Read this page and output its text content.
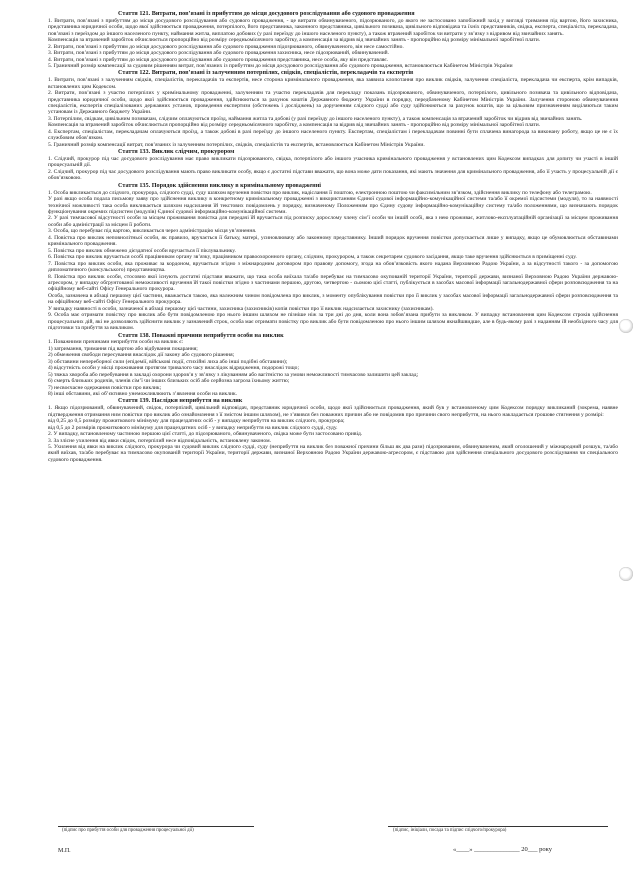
Стаття 121. Витрати, пов’язані із прибуттям до місця досудового розслідування або судового провадження
1. Витрати, пов’язані з прибуттям до місця досудового розслідування або судового провадження, - це витрати обвинуваченого, підозрюваного, до якого не застосовано запобіжний захід у вигляді тримання під вартою, його захисника, представника юридичної особи, щодо якої здійснюється провадження, потерпілого, його представника, законного представника, цивільного позивача, цивільного відповідача та їхніх представників, свідка, експерта, спеціаліста, перекладача, пов’язані з переїздом до іншого населеного пункту, наймання житла, виплатою добових (у разі переїзду до іншого населеного пункту), а також втрачений заробіток чи витрати у зв’язку з відривом від звичайних занять.
Компенсація за втрачений заробіток обчислюється пропорційно від розміру середньомісячного заробітку, а компенсація за відрив від звичайних занять - пропорційно від розміру мінімальної заробітної плати.
2. Витрати, пов’язані з прибуттям до місця досудового розслідування або судового провадження підозрюваного, обвинуваченого, він несе самостійно.
3. Витрати, пов’язані з прибуттям до місця досудового розслідування або судового провадження захисника, несе підозрюваний, обвинувачений.
4. Витрати, пов’язані з прибуттям до місця досудового розслідування або судового провадження представника, несе особа, яку він представляє.
5. Граничний розмір компенсації за судовим рішенням витрат, пов’язаних із прибуттям до місця досудового розслідування або судового провадження, встановлюється Кабінетом Міністрів України
Стаття 122. Витрати, пов’язані із залученням потерпілих, свідків, спеціалістів, перекладачів та експертів
1. Витрати, пов’язані з залученням свідків, спеціалістів, перекладачів та експертів, несе сторона кримінального провадження, яка заявила клопотання про виклик свідків, залучення спеціаліста, перекладача чи експерта, крім випадків, встановлених цим Кодексом.
2. Витрати, пов’язані з участю потерпілих у кримінальному провадженні, залученням та участю перекладачів для перекладу показань підозрюваного, обвинуваченого, потерпілого, цивільного позивача та цивільного відповідача, представника юридичної особи, щодо якої здійснюється провадження, здійснюються за рахунок коштів Державного бюджету України в порядку, передбаченому Кабінетом Міністрів України. Залучення стороною обвинувачення спеціалістів, експертів спеціалізованих державних установ, проведення експертизи (обстежень і досліджень) за дорученням слідчого судді або суду здійснюються за рахунок коштів, що за цільовим призначенням виділяються таким установам із Державного бюджету України.
3. Потерпілим, свідкам, цивільним позивачам, слідчим оплачуються проїзд, наймання житла та добові (у разі переїзду до іншого населеного пункту), а також компенсація за втрачений заробіток чи відрив від звичайних занять.
Компенсація за втрачений заробіток обчислюється пропорційно від розміру середньомісячного заробітку, а компенсація за відрив від звичайних занять - пропорційно від розміру мінімальної заробітної плати.
4. Експертам, спеціалістам, перекладачам оплачуються проїзд, а також добові в разі переїзду до іншого населеного пункту. Експертам, спеціалістам і перекладачам повинні бути сплачена винагорода за виконану роботу, якщо це не є їх службовим обов’язком.
5. Граничний розмір компенсації витрат, пов’язаних із залученням потерпілих, свідків, спеціалістів та експертів, встановлюється Кабінетом Міністрів України.
Стаття 133. Виклик слідчим, прокурором
1. Слідчий, прокурор під час досудового розслідування має право викликати підозрюваного, свідка, потерпілого або іншого учасника кримінального провадження у встановлених цим Кодексом випадках для допиту чи участі в іншій процесуальній дії.
2. Слідчий, прокурор під час досудового розслідування мають право викликати особу, якщо є достатні підстави вважати, що вона може дати показання, які мають значення для кримінального провадження, або її участь у процесуальній дії є обов’язковою.
Стаття 135. Порядок здійснення виклику в кримінальному провадженні
1. Особа викликається до слідчого, прокурора, слідчого судді, суду шляхом вручення повістки про виклик, надіслання її поштою, електронною поштою чи факсимільним зв’язком, здійснення виклику по телефону або телеграмою.
У разі якщо особа подала письмову заяву про здійснення виклику в конкретному кримінальному провадженні з використанням Єдиної судової інформаційно-комунікаційної системи та/або її окремої підсистеми (модуля), то за наявності технічної можливості така особа викликається шляхом надсилання їй текстових повідомлень у порядку, визначеному Положенням про Єдину судову інформаційно-комунікаційну систему та/або положеннями, що визначають порядок функціонування окремих підсистем (модулів) Єдиної судової інформаційно-комунікаційної системи.
2. У разі тимчасової відсутності особи за місцем проживання повістка для передачі їй вручається під розписку дорослому члену сім’ї особи чи іншій особі, яка з нею проживає, житлово-експлуатаційній організації за місцем проживання особи або адміністрації за місцем її роботи.
3. Особа, що перебуває під вартою, викликається через адміністрацію місця ув’язнення.
4. Повістка про виклик неповнолітньої особи, як правило, вручається її батьку, матері, усиновлювачу або законному представнику. Інший порядок вручення повістки допускається лише у випадку, якщо це обумовлюється обставинами кримінального провадження.
5. Повістка про виклик обмежено дієздатної особи вручається її піклувальнику.
6. Повістка про виклик вручається особі працівником органу зв’язку, працівником правоохоронного органу, слідчим, прокурором, а також секретарем судового засідання, якщо таке вручення здійснюється в приміщенні суду.
7. Повістка про виклик особи, яка проживає за кордоном, вручається згідно з міжнародним договором про правову допомогу, згода на обов’язковість якого надана Верховною Радою України, а за відсутності такого - за допомогою дипломатичного (консульського) представництва.
8. Повістка про виклик особи, стосовно якої існують достатні підстави вважати, що така особа виїхала та/або перебуває на тимчасово окупованій території України, території держави, визнаної Верховною Радою України державою-агресором, у випадку обґрунтованої неможливості вручення їй такої повістки згідно з частинами першою, другою, четвертою - сьомою цієї статті, публікується в засобах масової інформації загальнодержавної сфери розповсюдження та на офіційному веб-сайті Офісу Генерального прокурора.
Особа, зазначена в абзаці першому цієї частини, вважається такою, яка належним чином повідомлена про виклик, з моменту опублікування повістки про її виклик у засобах масової інформації загальнодержавної сфери розповсюдження та на офіційному веб-сайті Офісу Генерального прокурора.
У випадку наявності в особи, зазначеної в абзаці першому цієї частини, захисника (захисників) копія повістки про її виклик надсилається захиснику (захисникам).
9. Особа має отримати повістку про виклик або бути повідомленою про нього іншим шляхом не пізніше ніж за три дні до дня, коли вона зобов’язана прибути за викликом. У випадку встановлення цим Кодексом строків здійснення процесуальних дій, які не дозволяють здійснити виклик у зазначений строк, особа має отримати повістку про виклик або бути повідомленою про нього іншим шляхом якнайшвидше, але в будь-якому разі з наданням їй необхідного часу для підготовки та прибуття за викликом.
Стаття 138. Поважні причини неприбуття особи на виклик
1. Поважними причинами неприбуття особи на виклик є:
1) затримання, тримання під вартою або відбування покарання;
2) обмеження свободи пересування внаслідок дії закону або судового рішення;
3) обставини непереборної сили (епідемії, військові події, стихійні лиха або інші подібні обставини);
4) відсутність особи у місці проживання протягом тривалого часу внаслідок відрядження, подорожі тощо;
5) тяжка хвороба або перебування в закладі охорони здоров’я у зв’язку з лікуванням або вагітністю за умови неможливості тимчасово залишити цей заклад;
6) смерть близьких родичів, членів сім’ї чи інших близьких осіб або серйозна загроза їхньому життю;
7) несвоєчасне одержання повістки про виклик;
8) інші обставини, які об’єктивно унеможливлюють з’явлення особи на виклик.
Стаття 139. Наслідки неприбуття на виклик
1. Якщо підозрюваний, обвинувачений, свідок, потерпілий, цивільний відповідач, представник юридичної особи, щодо якої здійснюється провадження, який був у встановленому цим Кодексом порядку викликаний (зокрема, наявне підтвердження отримання ним повістки про виклик або ознайомлення з її змістом іншим шляхом), не з’явився без поважних причин або не повідомив про причини свого неприбуття, на нього накладається грошове стягнення у розмірі:
від 0,25 до 0,5 розміру прожиткового мінімуму для працездатних осіб - у випадку неприбуття на виклик слідчого, прокурора;
від 0,5 до 2 розмірів прожиткового мінімуму для працездатних осіб - у випадку неприбуття на виклик слідчого судді, суду.
2. У випадку, встановленому частиною першою цієї статті, до підозрюваного, обвинуваченого, свідка може бути застосовано привід.
3. За злісне ухилення від явки свідок, потерпілий несе відповідальність, встановлену законом.
5. Ухилення від явки на виклик слідчого, прокурора чи судовий виклик слідчого судді, суду (неприбуття на виклик без поважної причини більш як два рази) підозрюваним, обвинуваченим, який оголошений у міжнародний розшук, та/або який виїхав, та/або перебуває на тимчасово окупованій території України, території держави, визнаної Верховною Радою України державою-агресором, є підставою для здійснення спеціального досудового розслідування чи спеціального судового провадження.
(підпис про прибуття особи для провадження процесуальної дії)	(підпис, ініціали, посада та підпис слідчого/прокурора)
М.П.	«____» ______________ 20___ року
